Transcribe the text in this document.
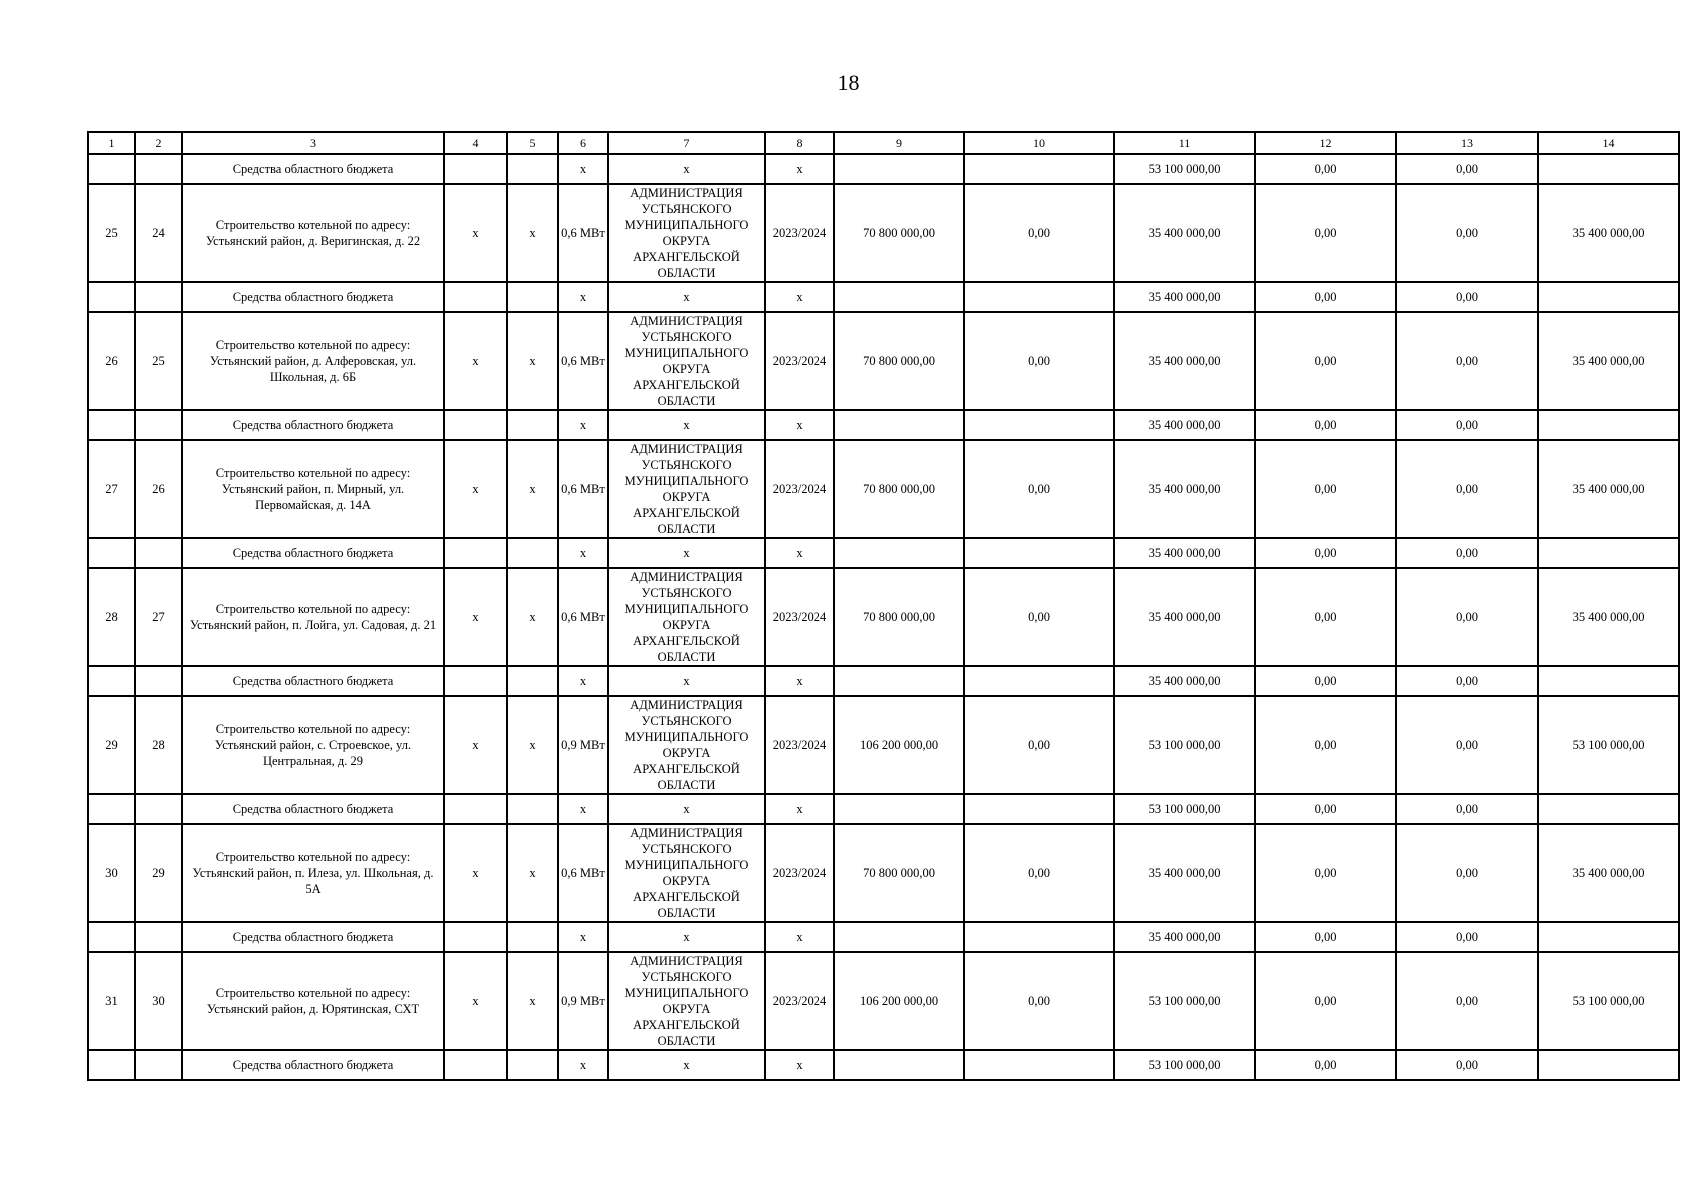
18
1	2	3	4	5	6	7	8	9	10	11	12	13	14
		Средства областного бюджета			х	х	х			53 100 000,00	0,00	0,00	
25	24	Строительство котельной по адресу: Устьянский район, д. Веригинская, д. 22	х	х	0,6 МВт	АДМИНИСТРАЦИЯ УСТЬЯНСКОГО МУНИЦИПАЛЬНОГО ОКРУГА АРХАНГЕЛЬСКОЙ ОБЛАСТИ	2023/2024	70 800 000,00	0,00	35 400 000,00	0,00	0,00	35 400 000,00
		Средства областного бюджета			х	х	х			35 400 000,00	0,00	0,00	
26	25	Строительство котельной по адресу: Устьянский район, д. Алферовская, ул. Школьная, д. 6Б	х	х	0,6 МВт	АДМИНИСТРАЦИЯ УСТЬЯНСКОГО МУНИЦИПАЛЬНОГО ОКРУГА АРХАНГЕЛЬСКОЙ ОБЛАСТИ	2023/2024	70 800 000,00	0,00	35 400 000,00	0,00	0,00	35 400 000,00
		Средства областного бюджета			х	х	х			35 400 000,00	0,00	0,00	
27	26	Строительство котельной по адресу: Устьянский район, п. Мирный, ул. Первомайская, д. 14А	х	х	0,6 МВт	АДМИНИСТРАЦИЯ УСТЬЯНСКОГО МУНИЦИПАЛЬНОГО ОКРУГА АРХАНГЕЛЬСКОЙ ОБЛАСТИ	2023/2024	70 800 000,00	0,00	35 400 000,00	0,00	0,00	35 400 000,00
		Средства областного бюджета			х	х	х			35 400 000,00	0,00	0,00	
28	27	Строительство котельной по адресу: Устьянский район, п. Лойга, ул. Садовая, д. 21	х	х	0,6 МВт	АДМИНИСТРАЦИЯ УСТЬЯНСКОГО МУНИЦИПАЛЬНОГО ОКРУГА АРХАНГЕЛЬСКОЙ ОБЛАСТИ	2023/2024	70 800 000,00	0,00	35 400 000,00	0,00	0,00	35 400 000,00
		Средства областного бюджета			х	х	х			35 400 000,00	0,00	0,00	
29	28	Строительство котельной по адресу: Устьянский район, с. Строевское, ул. Центральная, д. 29	х	х	0,9 МВт	АДМИНИСТРАЦИЯ УСТЬЯНСКОГО МУНИЦИПАЛЬНОГО ОКРУГА АРХАНГЕЛЬСКОЙ ОБЛАСТИ	2023/2024	106 200 000,00	0,00	53 100 000,00	0,00	0,00	53 100 000,00
		Средства областного бюджета			х	х	х			53 100 000,00	0,00	0,00	
30	29	Строительство котельной по адресу: Устьянский район, п. Илеза, ул. Школьная, д. 5А	х	х	0,6 МВт	АДМИНИСТРАЦИЯ УСТЬЯНСКОГО МУНИЦИПАЛЬНОГО ОКРУГА АРХАНГЕЛЬСКОЙ ОБЛАСТИ	2023/2024	70 800 000,00	0,00	35 400 000,00	0,00	0,00	35 400 000,00
		Средства областного бюджета			х	х	х			35 400 000,00	0,00	0,00	
31	30	Строительство котельной по адресу: Устьянский район, д. Юрятинская, СХТ	х	х	0,9 МВт	АДМИНИСТРАЦИЯ УСТЬЯНСКОГО МУНИЦИПАЛЬНОГО ОКРУГА АРХАНГЕЛЬСКОЙ ОБЛАСТИ	2023/2024	106 200 000,00	0,00	53 100 000,00	0,00	0,00	53 100 000,00
		Средства областного бюджета			х	х	х			53 100 000,00	0,00	0,00	
